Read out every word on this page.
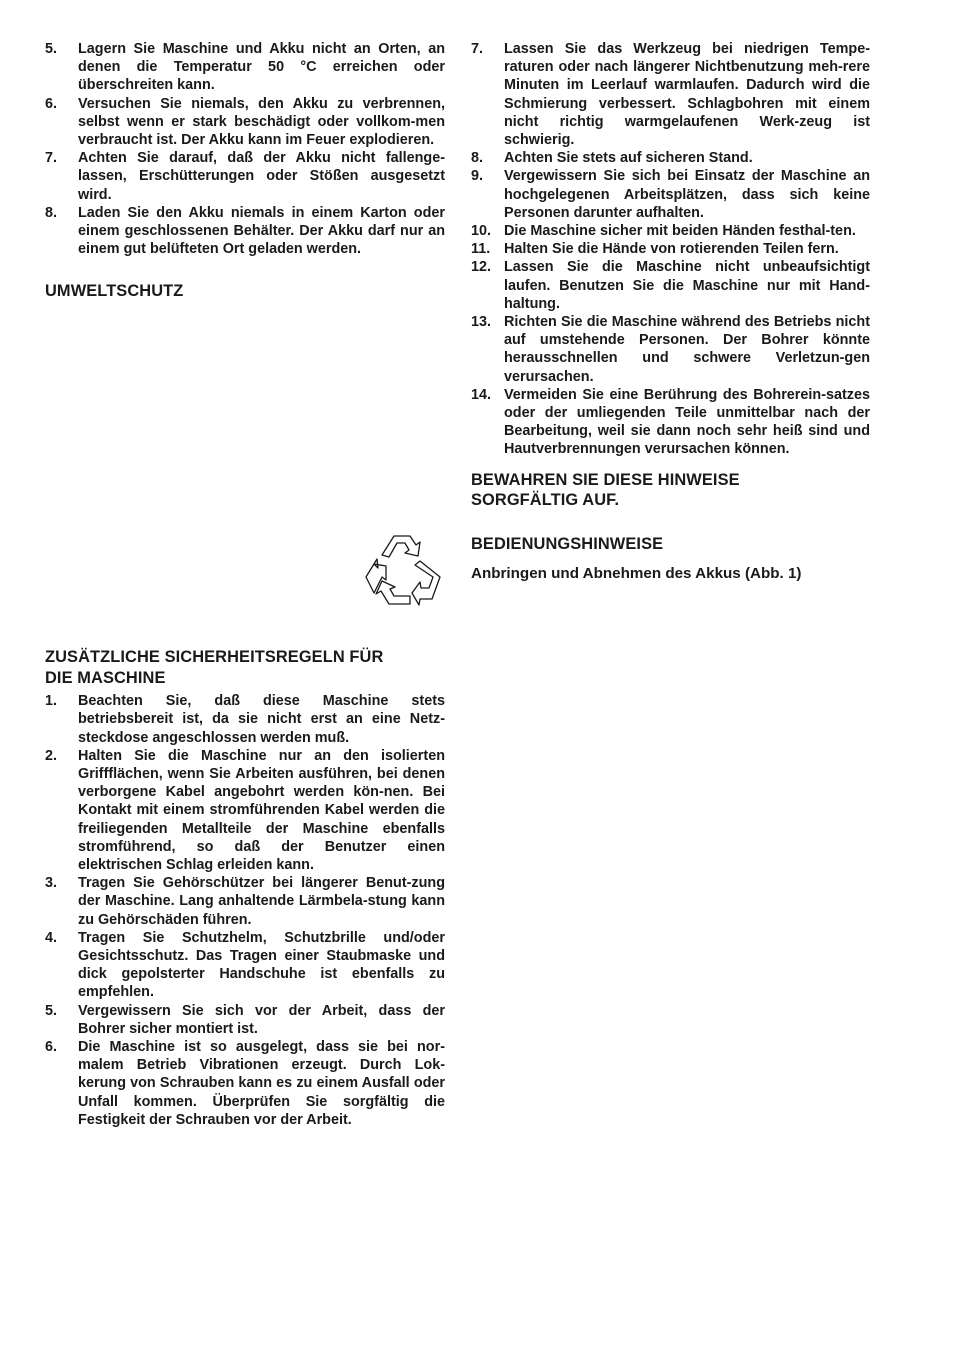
5.	Lagern Sie Maschine und Akku nicht an Orten, an denen die Temperatur 50 °C erreichen oder überschreiten kann.
6.	Versuchen Sie niemals, den Akku zu verbrennen, selbst wenn er stark beschädigt oder vollkom-men verbraucht ist. Der Akku kann im Feuer explodieren.
7.	Achten Sie darauf, daß der Akku nicht fallenge-lassen, Erschütterungen oder Stößen ausgesetzt wird.
8.	Laden Sie den Akku niemals in einem Karton oder einem geschlossenen Behälter. Der Akku darf nur an einem gut belüfteten Ort geladen werden.
UMWELTSCHUTZ
ZUSÄTZLICHE SICHERHEITSREGELN FÜR
DIE MASCHINE
1.	Beachten Sie, daß diese Maschine stets betriebsbereit ist, da sie nicht erst an eine Netz-steckdose angeschlossen werden muß.
2.	Halten Sie die Maschine nur an den isolierten Griffflächen, wenn Sie Arbeiten ausführen, bei denen verborgene Kabel angebohrt werden kön-nen. Bei Kontakt mit einem stromführenden Kabel werden die freiliegenden Metallteile der Maschine ebenfalls stromführend, so daß der Benutzer einen elektrischen Schlag erleiden kann.
3.	Tragen Sie Gehörschützer bei längerer Benut-zung der Maschine. Lang anhaltende Lärmbela-stung kann zu Gehörschäden führen.
4.	Tragen Sie Schutzhelm, Schutzbrille und/oder Gesichtsschutz. Das Tragen einer Staubmaske und dick gepolsterter Handschuhe ist ebenfalls zu empfehlen.
5.	Vergewissern Sie sich vor der Arbeit, dass der Bohrer sicher montiert ist.
6.	Die Maschine ist so ausgelegt, dass sie bei nor-malem Betrieb Vibrationen erzeugt. Durch Lok-kerung von Schrauben kann es zu einem Ausfall oder Unfall kommen. Überprüfen Sie sorgfältig die Festigkeit der Schrauben vor der Arbeit.
7.	Lassen Sie das Werkzeug bei niedrigen Tempe-raturen oder nach längerer Nichtbenutzung meh-rere Minuten im Leerlauf warmlaufen. Dadurch wird die Schmierung verbessert. Schlagbohren mit einem nicht richtig warmgelaufenen Werk-zeug ist schwierig.
8.	Achten Sie stets auf sicheren Stand.
9.	Vergewissern Sie sich bei Einsatz der Maschine an hochgelegenen Arbeitsplätzen, dass sich keine Personen darunter aufhalten.
10. Die Maschine sicher mit beiden Händen festhal-ten.
11. Halten Sie die Hände von rotierenden Teilen fern.
12. Lassen Sie die Maschine nicht unbeaufsichtigt laufen. Benutzen Sie die Maschine nur mit Hand-haltung.
13. Richten Sie die Maschine während des Betriebs nicht auf umstehende Personen. Der Bohrer könnte herausschnellen und schwere Verletzun-gen verursachen.
14. Vermeiden Sie eine Berührung des Bohrerein-satzes oder der umliegenden Teile unmittelbar nach der Bearbeitung, weil sie dann noch sehr heiß sind und Hautverbrennungen verursachen können.
BEWAHREN SIE DIESE HINWEISE
SORGFÄLTIG AUF.
BEDIENUNGSHINWEISE

Anbringen und Abnehmen des Akkus (Abb. 1)
